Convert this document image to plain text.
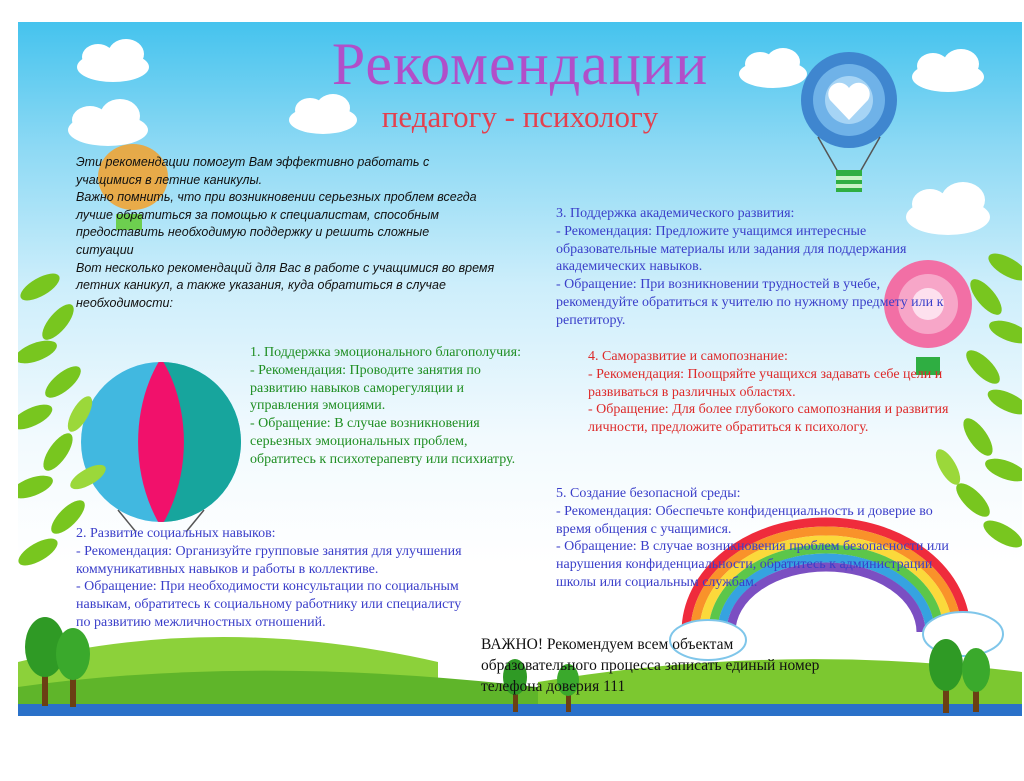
Рекомендации
педагогу - психологу

Эти рекомендации помогут Вам эффективно работать с

учащимися в летние каникулы.

Важно помнить, что при возникновении серьезных проблем всегда

лучше обратиться за помощью к специалистам, способным

предоставить необходимую поддержку и решить сложные

ситуации

Вот несколько рекомендаций для Вас в работе с учащимися во время

летних каникул, а также указания, куда обратиться в случае

необходимости:

1. Поддержка эмоционального благополучия:

- Рекомендация: Проводите занятия по

развитию навыков саморегуляции и

управления эмоциями.

- Обращение: В случае возникновения

серьезных эмоциональных проблем,

обратитесь к психотерапевту или психиатру.

2. Развитие социальных навыков:

- Рекомендация: Организуйте групповые занятия для улучшения

коммуникативных навыков и работы в коллективе.

- Обращение: При необходимости консультации по социальным

навыкам, обратитесь к социальному работнику или специалисту

по развитию межличностных отношений.

3. Поддержка академического развития:

- Рекомендация: Предложите учащимся интересные

образовательные материалы или задания для поддержания

академических навыков.

- Обращение: При возникновении трудностей в учебе,

рекомендуйте обратиться к учителю по нужному предмету или к

репетитору.

4. Саморазвитие и самопознание:

- Рекомендация: Поощряйте учащихся задавать себе цели и

развиваться в различных областях.

- Обращение: Для более глубокого самопознания и развития

личности, предложите обратиться к психологу.

5. Создание безопасной среды:

- Рекомендация: Обеспечьте конфиденциальность и доверие во

время общения с учащимися.

- Обращение: В случае возникновения проблем безопасности или

нарушения конфиденциальности, обратитесь к администрации

школы или социальным службам.

ВАЖНО! Рекомендуем всем объектам

образовательного процесса записать единый номер

телефона доверия 111
